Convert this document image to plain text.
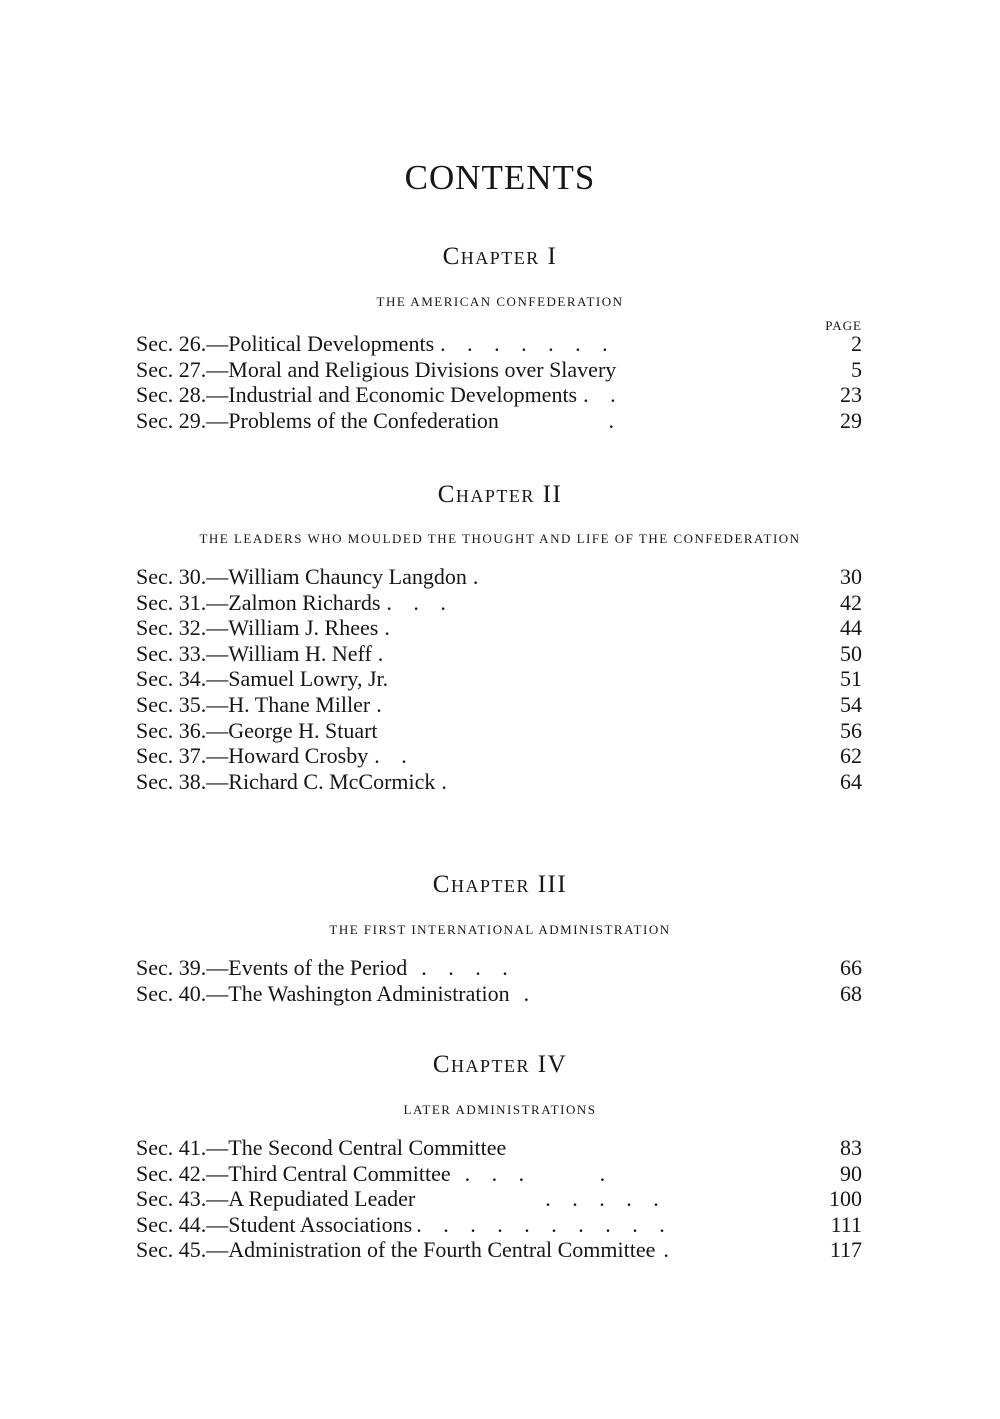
CONTENTS
Chapter I
THE AMERICAN CONFEDERATION
PAGE
Sec. 26.—Political Developments . . . . . . .	2
Sec. 27.—Moral and Religious Divisions over Slavery	5
Sec. 28.—Industrial and Economic Developments . .	23
Sec. 29.—Problems of the Confederation	.	29
Chapter II
THE LEADERS WHO MOULDED THE THOUGHT AND LIFE OF THE CONFEDERATION
Sec. 30.—William Chauncy Langdon .	30
Sec. 31.—Zalmon Richards . . .	42
Sec. 32.—William J. Rhees .	44
Sec. 33.—William H. Neff .	50
Sec. 34.—Samuel Lowry, Jr.	51
Sec. 35.—H. Thane Miller .	54
Sec. 36.—George H. Stuart	56
Sec. 37.—Howard Crosby . .	62
Sec. 38.—Richard C. McCormick .	64
Chapter III
THE FIRST INTERNATIONAL ADMINISTRATION
Sec. 39.—Events of the Period . . . .	66
Sec. 40.—The Washington Administration .	68
Chapter IV
LATER ADMINISTRATIONS
Sec. 41.—The Second Central Committee	83
Sec. 42.—Third Central Committee . . .     .	90
Sec. 43.—A Repudiated Leader	. . . . .	100
Sec. 44.—Student Associations . . . . . . . . . .	111
Sec. 45.—Administration of the Fourth Central Committee .	117
